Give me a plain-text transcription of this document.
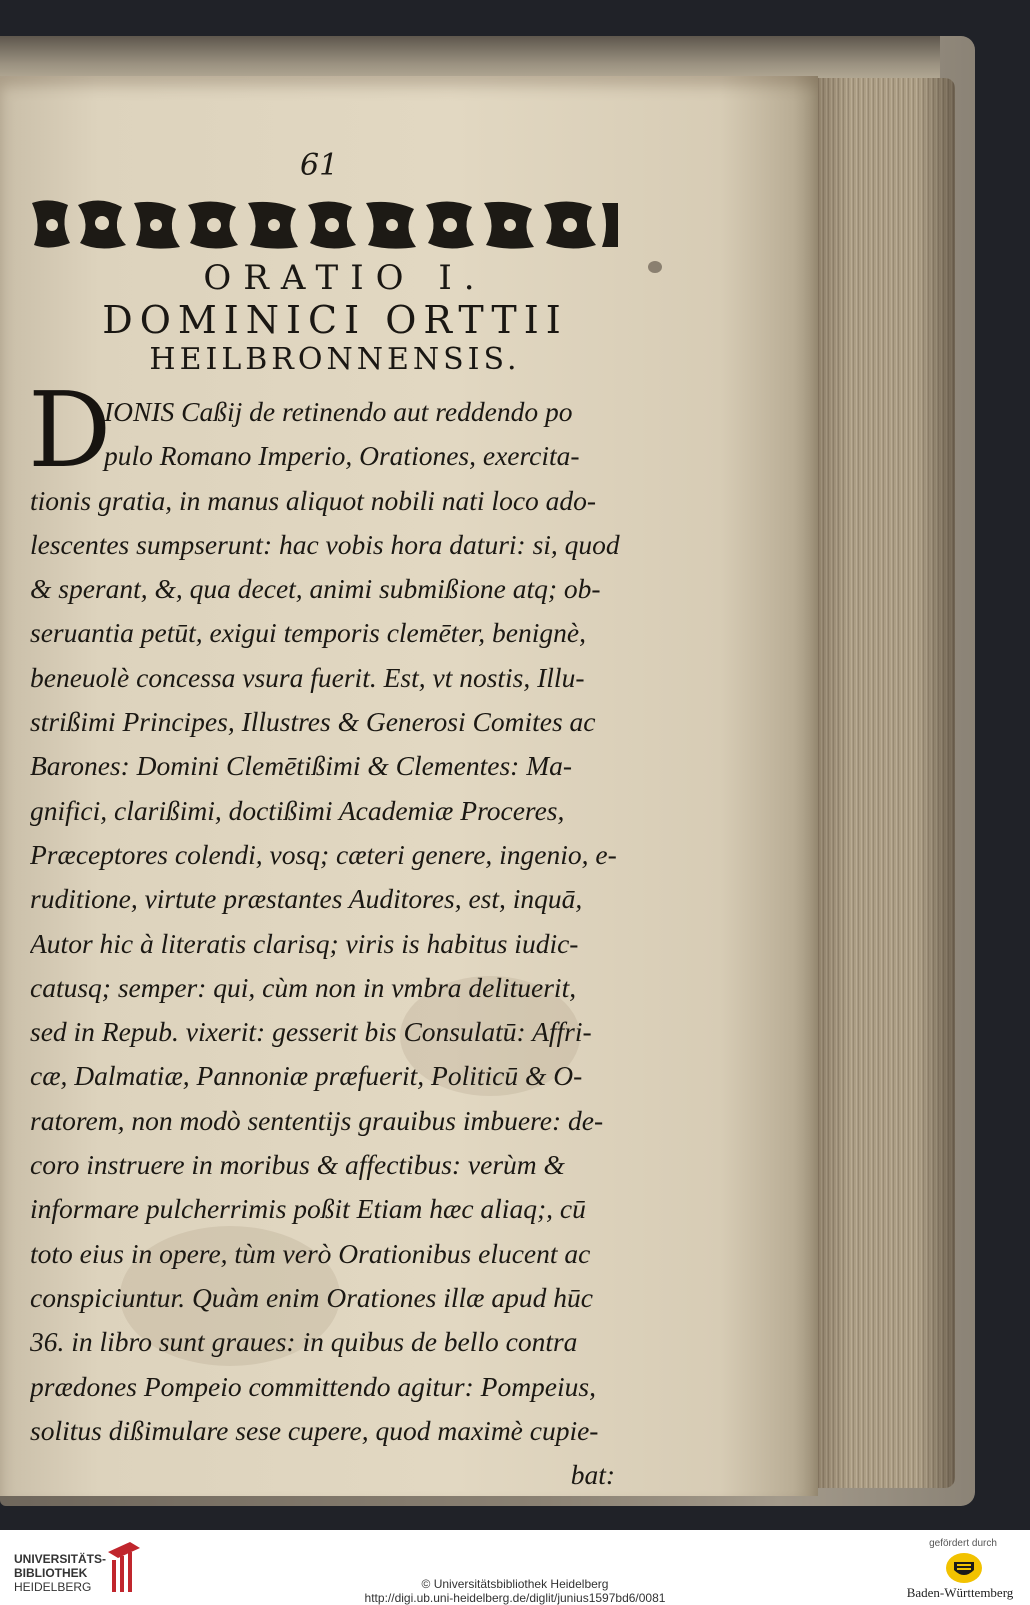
61
ORATIO I.
DOMINICI ORTTII
HEILBRONNENSIS.
D
IONIS Caßij de retinendo aut reddendo po
pulo Romano Imperio, Orationes, exercita-
tionis gratia, in manus aliquot nobili nati loco ado-
lescentes sumpserunt: hac vobis hora daturi: si, quod
& sperant, &, qua decet, animi submißione atq; ob-
seruantia petūt, exigui temporis clemēter, benignè,
beneuolè concessa vsura fuerit. Est, vt nostis, Illu-
strißimi Principes, Illustres & Generosi Comites ac
Barones: Domini Clemētißimi & Clementes: Ma-
gnifici, clarißimi, doctißimi Academiæ Proceres,
Præceptores colendi, vosq; cæteri genere, ingenio, e-
ruditione, virtute præstantes Auditores, est, inquā,
Autor hic à literatis clarisq; viris is habitus iudic-
catusq; semper: qui, cùm non in vmbra delituerit,
sed in Repub. vixerit: gesserit bis Consulatū: Affri-
cæ, Dalmatiæ, Pannoniæ præfuerit, Politicū & O-
ratorem, non modò sententijs grauibus imbuere: de-
coro instruere in moribus & affectibus: verùm &
informare pulcherrimis poßit Etiam hæc aliaq;, cū
toto eius in opere, tùm verò Orationibus elucent ac
conspiciuntur. Quàm enim Orationes illæ apud hūc
36. in libro sunt graues: in quibus de bello contra
prædones Pompeio committendo agitur: Pompeius,
solitus dißimulare sese cupere, quod maximè cupie-
bat:
UNIVERSITÄTS-
BIBLIOTHEK
HEIDELBERG	© Universitätsbibliothek Heidelberg
http://digi.ub.uni-heidelberg.de/diglit/junius1597bd6/0081
gefördert durch
Baden-Württemberg
